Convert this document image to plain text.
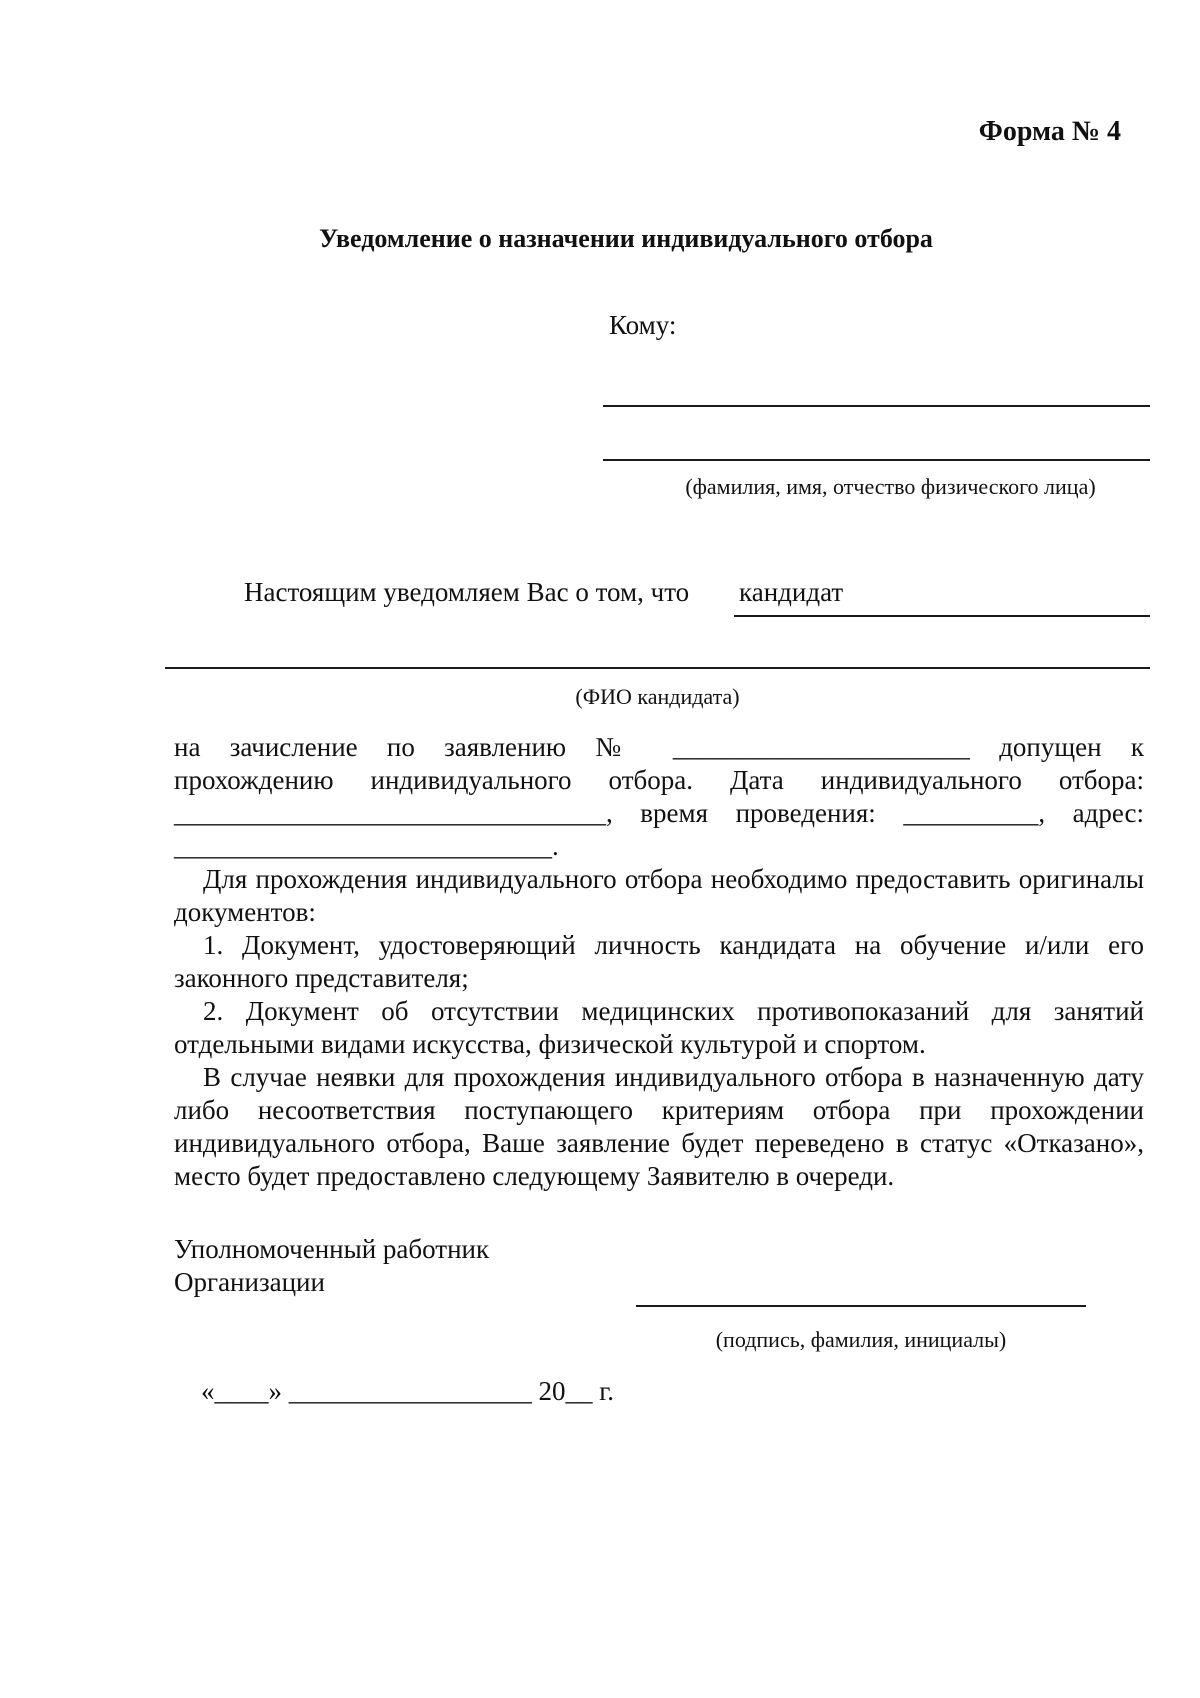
Форма № 4

Уведомление о назначении индивидуального отбора

Кому:

(фамилия, имя, отчество физического лица)

Настоящим уведомляем Вас о том, что кандидат

(ФИО кандидата)

на зачисление по заявлению № ______________________ допущен к

прохождению индивидуального отбора. Дата индивидуального отбора:

________________________________, время проведения: __________, адрес:

____________________________.

Для прохождения индивидуального отбора необходимо предоставить оригиналы документов:

1. Документ, удостоверяющий личность кандидата на обучение и/или его законного представителя;

2. Документ об отсутствии медицинских противопоказаний для занятий отдельными видами искусства, физической культурой и спортом.

В случае неявки для прохождения индивидуального отбора в назначенную дату либо несоответствия поступающего критериям отбора при прохождении индивидуального отбора, Ваше заявление будет переведено в статус «Отказано», место будет предоставлено следующему Заявителю в очереди.

Уполномоченный работник
Организации

(подпись, фамилия, инициалы)

«____» __________________ 20__ г.
